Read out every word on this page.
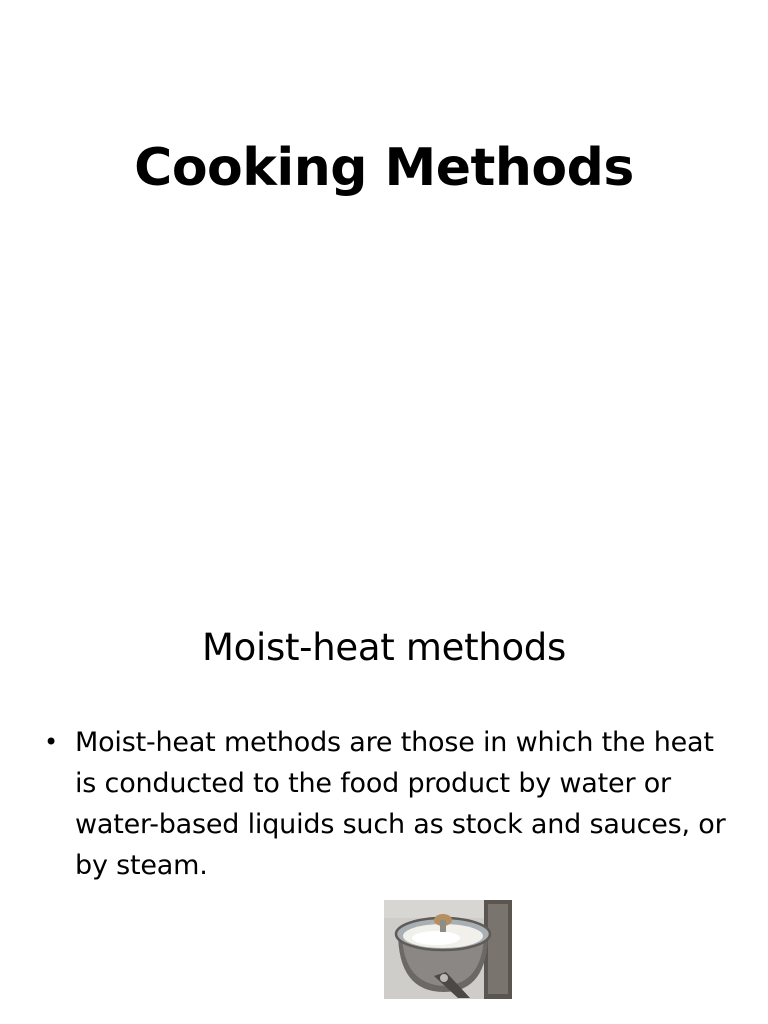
Cooking Methods
Moist-heat methods
• Moist-heat methods are those in which the heat is conducted to the food product by water or water-based liquids such as stock and sauces, or by steam.
